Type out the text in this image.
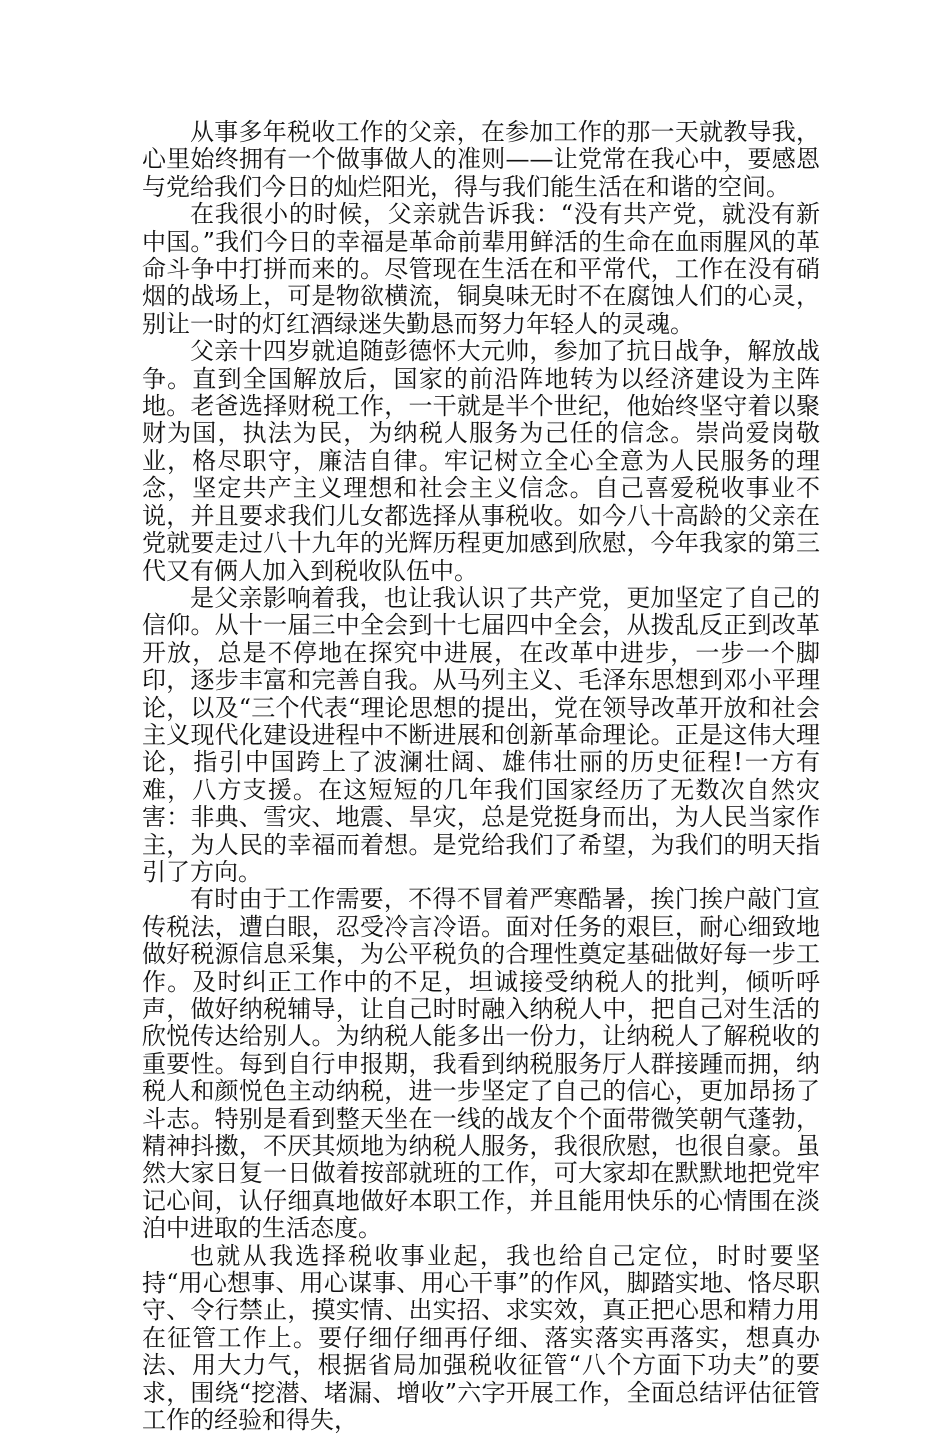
从事多年税收工作的父亲，在参加工作的那一天就教导我，心里始终拥有一个做事做人的准则——让党常在我心中，要感恩与党给我们今日的灿烂阳光，得与我们能生活在和谐的空间。

在我很小的时候，父亲就告诉我：“没有共产党，就没有新中国。”我们今日的幸福是革命前辈用鲜活的生命在血雨腥风的革命斗争中打拼而来的。尽管现在生活在和平常代，工作在没有硝烟的战场上，可是物欲横流，铜臭味无时不在腐蚀人们的心灵，别让一时的灯红酒绿迷失勤恳而努力年轻人的灵魂。

父亲十四岁就追随彭德怀大元帅，参加了抗日战争，解放战争。直到全国解放后，国家的前沿阵地转为以经济建设为主阵地。老爸选择财税工作，一干就是半个世纪，他始终坚守着以聚财为国，执法为民，为纳税人服务为己任的信念。崇尚爱岗敬业，格尽职守，廉洁自律。牢记树立全心全意为人民服务的理念，坚定共产主义理想和社会主义信念。自己喜爱税收事业不说，并且要求我们儿女都选择从事税收。如今八十高龄的父亲在党就要走过八十九年的光辉历程更加感到欣慰，今年我家的第三代又有俩人加入到税收队伍中。

是父亲影响着我，也让我认识了共产党，更加坚定了自己的信仰。从十一届三中全会到十七届四中全会，从拨乱反正到改革开放，总是不停地在探究中进展，在改革中进步，一步一个脚印，逐步丰富和完善自我。从马列主义、毛泽东思想到邓小平理论，以及“三个代表“理论思想的提出，党在领导改革开放和社会主义现代化建设进程中不断进展和创新革命理论。正是这伟大理论，指引中国跨上了波澜壮阔、雄伟壮丽的历史征程!一方有难，八方支援。在这短短的几年我们国家经历了无数次自然灾害：非典、雪灾、地震、旱灾，总是党挺身而出，为人民当家作主，为人民的幸福而着想。是党给我们了希望，为我们的明天指引了方向。

有时由于工作需要，不得不冒着严寒酷暑，挨门挨户敲门宣传税法，遭白眼，忍受冷言冷语。面对任务的艰巨，耐心细致地做好税源信息采集，为公平税负的合理性奠定基础做好每一步工作。及时纠正工作中的不足，坦诚接受纳税人的批判，倾听呼声，做好纳税辅导，让自己时时融入纳税人中，把自己对生活的欣悦传达给别人。为纳税人能多出一份力，让纳税人了解税收的重要性。每到自行申报期，我看到纳税服务厅人群接踵而拥，纳税人和颜悦色主动纳税，进一步坚定了自己的信心，更加昂扬了斗志。特别是看到整天坐在一线的战友个个面带微笑朝气蓬勃，精神抖擞，不厌其烦地为纳税人服务，我很欣慰，也很自豪。虽然大家日复一日做着按部就班的工作，可大家却在默默地把党牢记心间，认仔细真地做好本职工作，并且能用快乐的心情围在淡泊中进取的生活态度。

也就从我选择税收事业起，我也给自己定位，时时要坚持“用心想事、用心谋事、用心干事”的作风，脚踏实地、恪尽职守、令行禁止，摸实情、出实招、求实效，真正把心思和精力用在征管工作上。要仔细仔细再仔细、落实落实再落实，想真办法、用大力气，根据省局加强税收征管“八个方面下功夫”的要求，围绕“挖潜、堵漏、增收”六字开展工作，全面总结评估征管工作的经验和得失，
